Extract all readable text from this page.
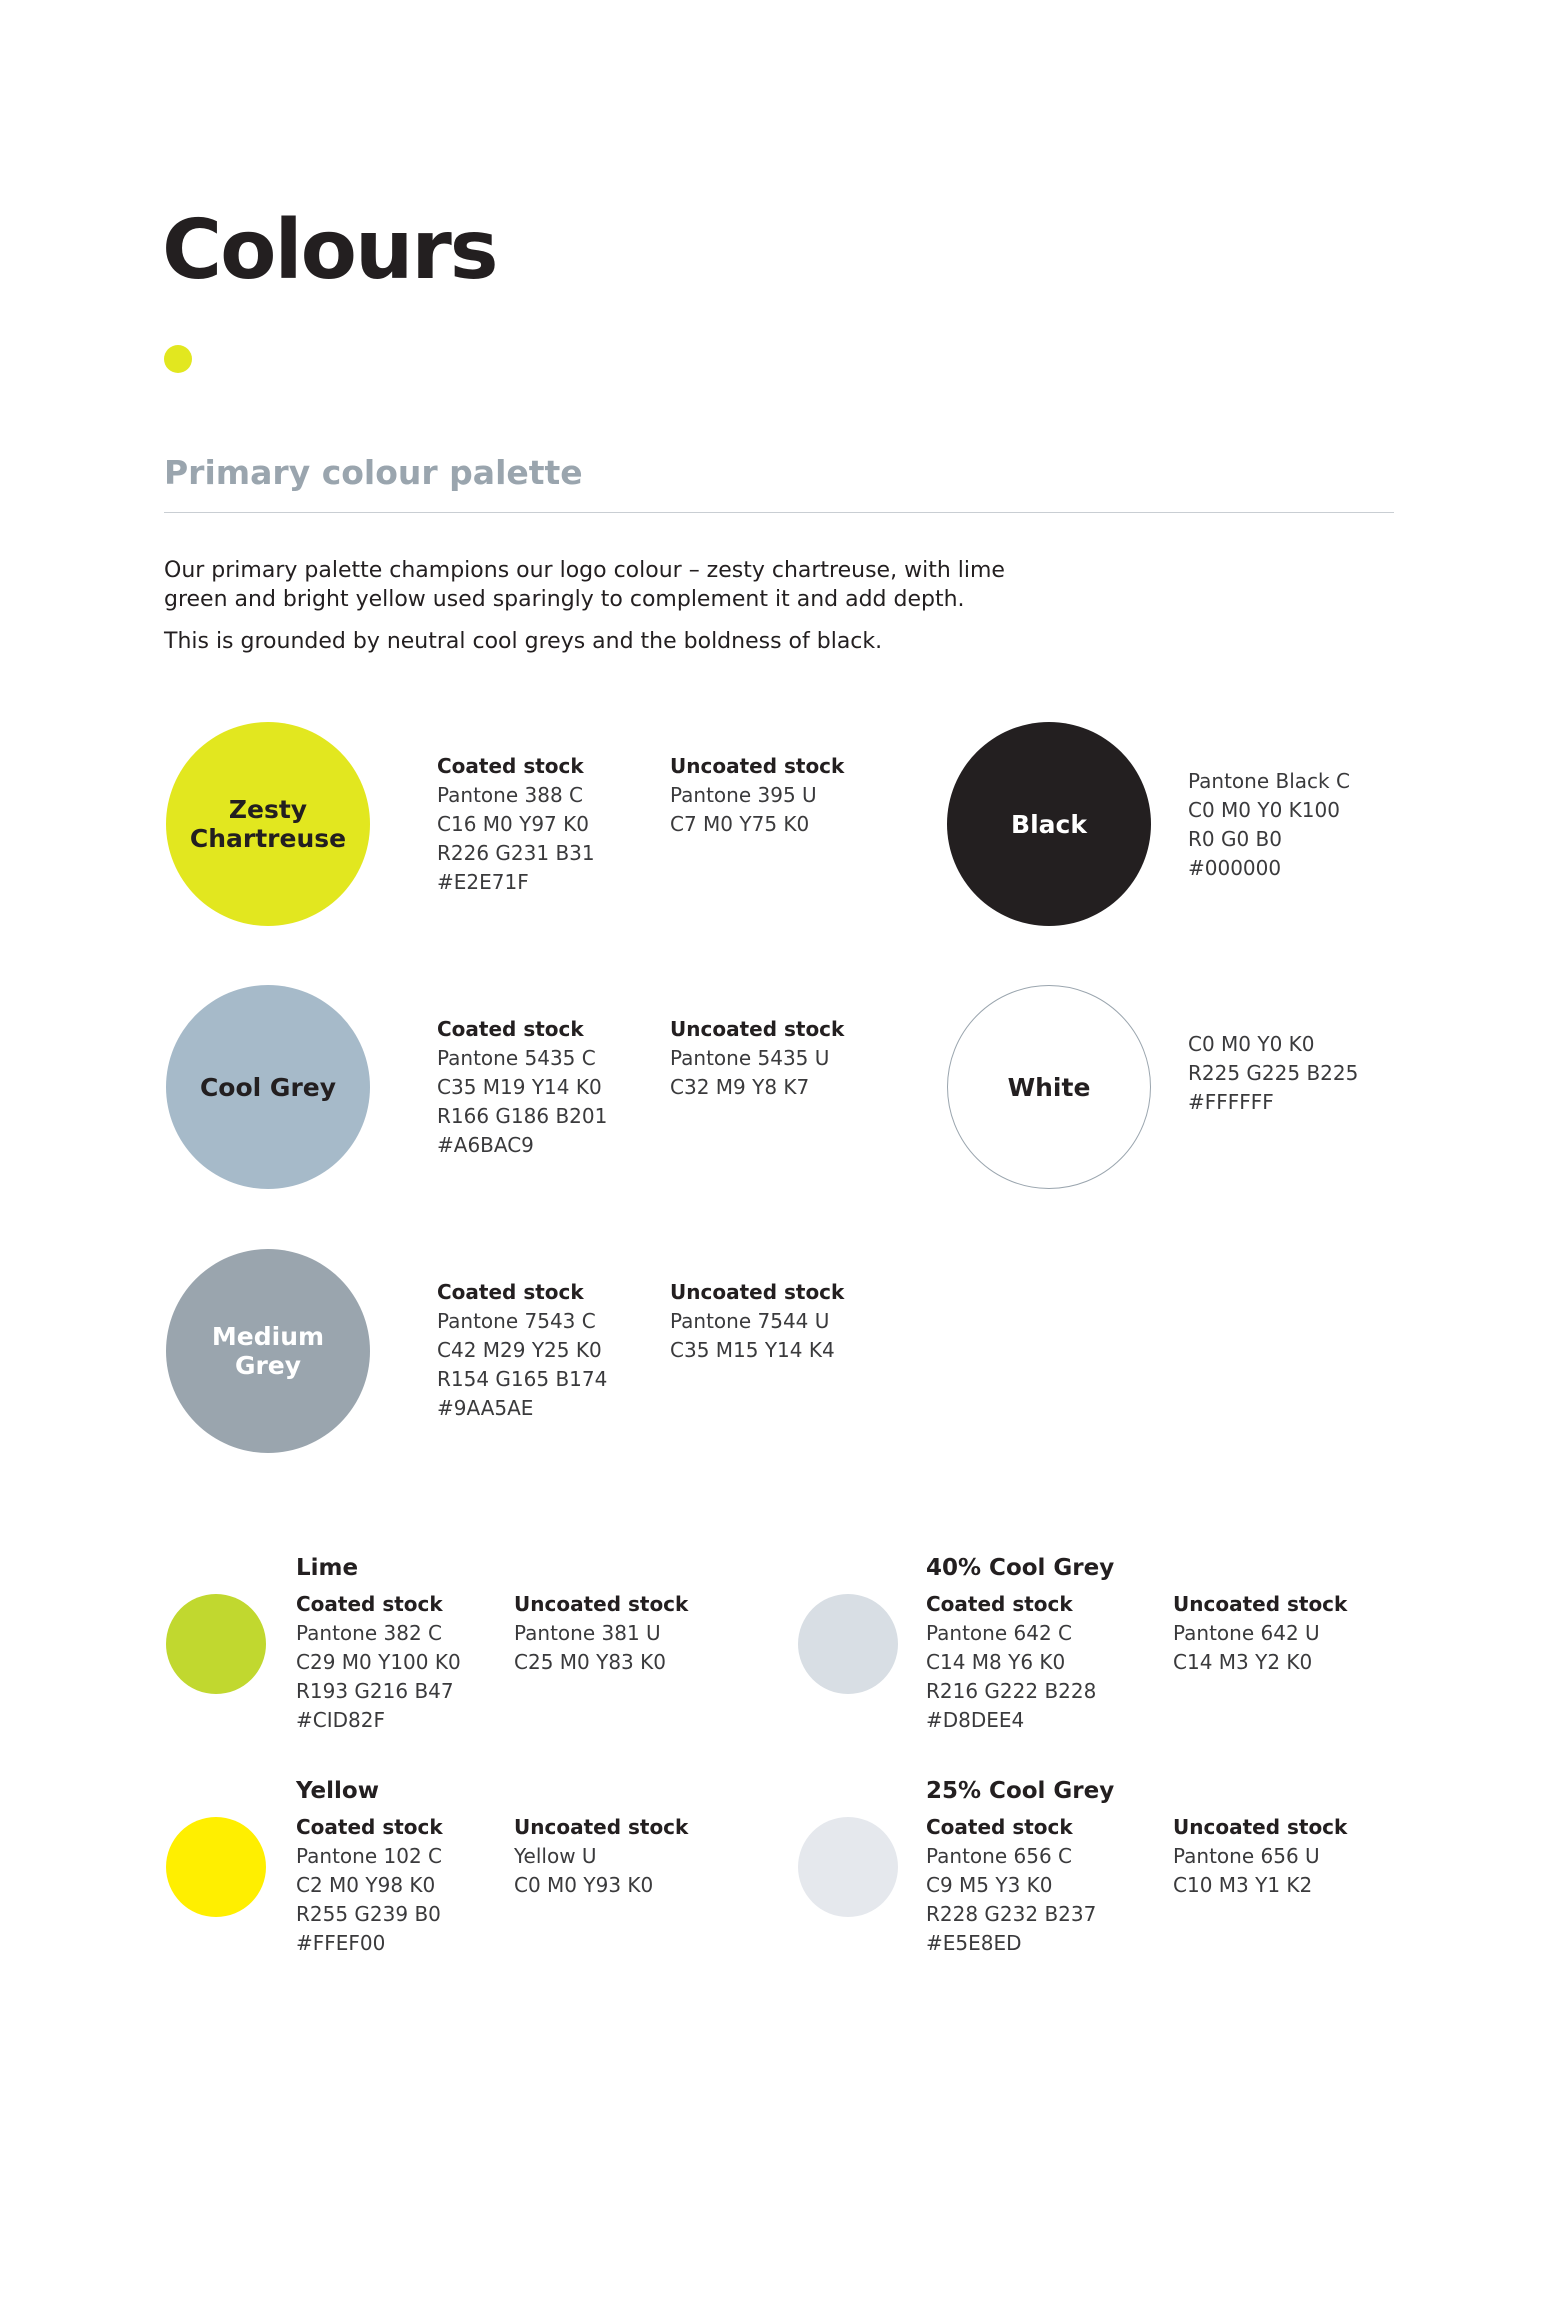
Colours
Primary colour palette

Our primary palette champions our logo colour – zesty chartreuse, with lime green and bright yellow used sparingly to complement it and add depth.

This is grounded by neutral cool greys and the boldness of black.

Zesty Chartreuse
Coated stock
Pantone 388 C
C16 M0 Y97 K0
R226 G231 B31
#E2E71F
Uncoated stock
Pantone 395 U
C7 M0 Y75 K0
Cool Grey
Coated stock
Pantone 5435 C
C35 M19 Y14 K0
R166 G186 B201
#A6BAC9
Uncoated stock
Pantone 5435 U
C32 M9 Y8 K7
Medium Grey
Coated stock
Pantone 7543 C
C42 M29 Y25 K0
R154 G165 B174
#9AA5AE
Uncoated stock
Pantone 7544 U
C35 M15 Y14 K4
Black
Pantone Black C
C0 M0 Y0 K100
R0 G0 B0
#000000
White
C0 M0 Y0 K0
R225 G225 B225
#FFFFFF
Lime
Coated stock
Pantone 382 C
C29 M0 Y100 K0
R193 G216 B47
#CID82F
Uncoated stock
Pantone 381 U
C25 M0 Y83 K0
40% Cool Grey
Coated stock
Pantone 642 C
C14 M8 Y6 K0
R216 G222 B228
#D8DEE4
Uncoated stock
Pantone 642 U
C14 M3 Y2 K0
Yellow
Coated stock
Pantone 102 C
C2 M0 Y98 K0
R255 G239 B0
#FFEF00
Uncoated stock
Yellow U
C0 M0 Y93 K0
25% Cool Grey
Coated stock
Pantone 656 C
C9 M5 Y3 K0
R228 G232 B237
#E5E8ED
Uncoated stock
Pantone 656 U
C10 M3 Y1 K2
